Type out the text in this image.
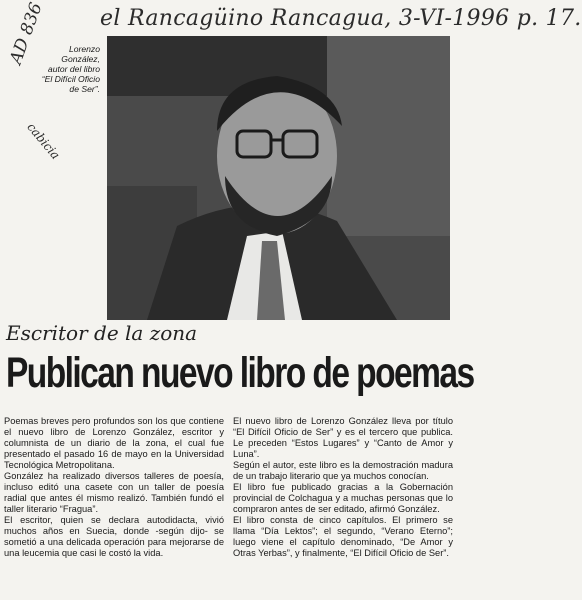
el Rancagüino Rancagua, 3-VI-1996 p. 17.
AD 836
cabicia
Lorenzo González, autor del libro “El Difícil Oficio de Ser”.
Escritor de la zona
Publican nuevo libro de poemas

Poemas breves pero profundos son los que contiene el nuevo libro de Lorenzo González, escritor y columnista de un diario de la zona, el cual fue presentado el pasado 16 de mayo en la Universidad Tecnológica Metropolitana.

González ha realizado diversos talleres de poesía, incluso editó una casete con un taller de poesía radial que antes él mismo realizó. También fundó el taller literario “Fragua”.

El escritor, quien se declara autodidacta, vivió muchos años en Suecia, donde -según dijo- se sometió a una delicada operación para mejorarse de una leucemia que casi le costó la vida.

El nuevo libro de Lorenzo González lleva por título “El Difícil Oficio de Ser” y es el tercero que publica. Le preceden “Estos Lugares” y “Canto de Amor y Luna”.

Según el autor, este libro es la demostración madura de un trabajo literario que ya muchos conocían.

El libro fue publicado gracias a la Gobernación provincial de Colchagua y a muchas personas que lo compraron antes de ser editado, afirmó González.

El libro consta de cinco capítulos. El primero se llama “Día Lektos”; el segundo, “Verano Eterno”; luego viene el capítulo denominado, “De Amor y Otras Yerbas”, y finalmente, “El Difícil Oficio de Ser”.
